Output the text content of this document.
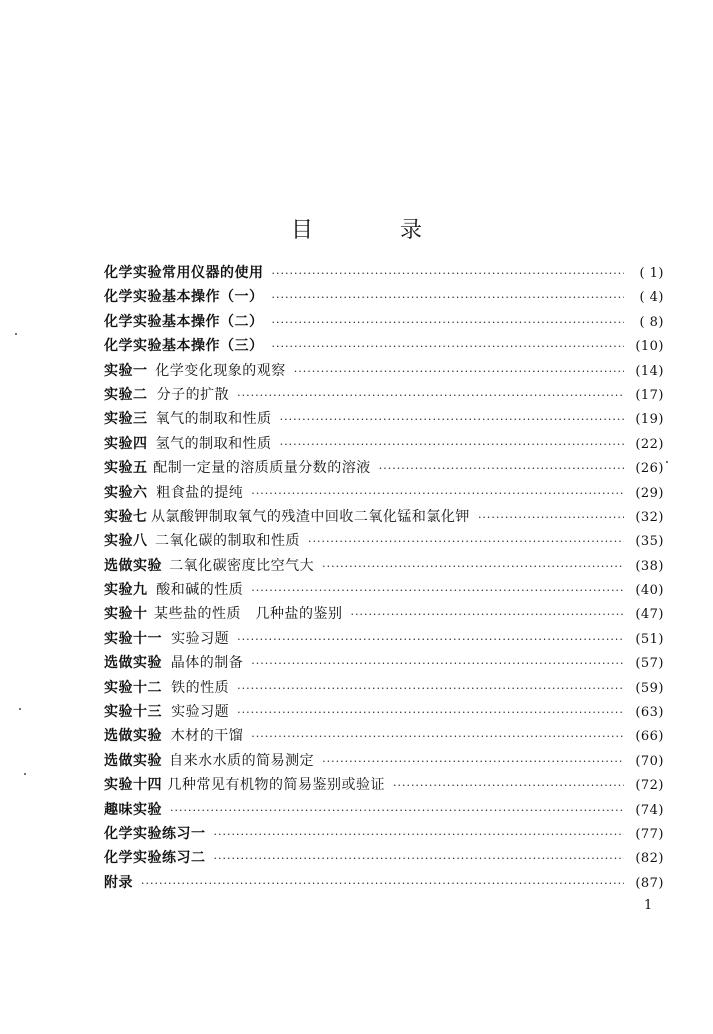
目 录
化学实验常用仪器的使用 ·····	( 1)
化学实验基本操作（一） ·····	( 4)
化学实验基本操作（二） ·····	( 8)
化学实验基本操作（三） ·····	(10)
实验一 化学变化现象的观察 ·····	(14)
实验二 分子的扩散 ·····	(17)
实验三 氧气的制取和性质 ·····	(19)
实验四 氢气的制取和性质 ·····	(22)
实验五 配制一定量的溶质质量分数的溶液 ·····	(26)
实验六 粗食盐的提纯 ·····	(29)
实验七 从氯酸钾制取氧气的残渣中回收二氧化锰和氯化钾 ·····	(32)
实验八 二氧化碳的制取和性质 ·····	(35)
选做实验 二氧化碳密度比空气大 ·····	(38)
实验九 酸和碱的性质 ·····	(40)
实验十 某些盐的性质　几种盐的鉴别 ·····	(47)
实验十一 实验习题 ·····	(51)
选做实验 晶体的制备 ·····	(57)
实验十二 铁的性质 ·····	(59)
实验十三 实验习题 ·····	(63)
选做实验 木材的干馏 ·····	(66)
选做实验 自来水水质的简易测定 ·····	(70)
实验十四 几种常见有机物的简易鉴别或验证 ·····	(72)
趣味实验 ·····	(74)
化学实验练习一 ·····	(77)
化学实验练习二 ·····	(82)
附录 ·····	(87)
1
